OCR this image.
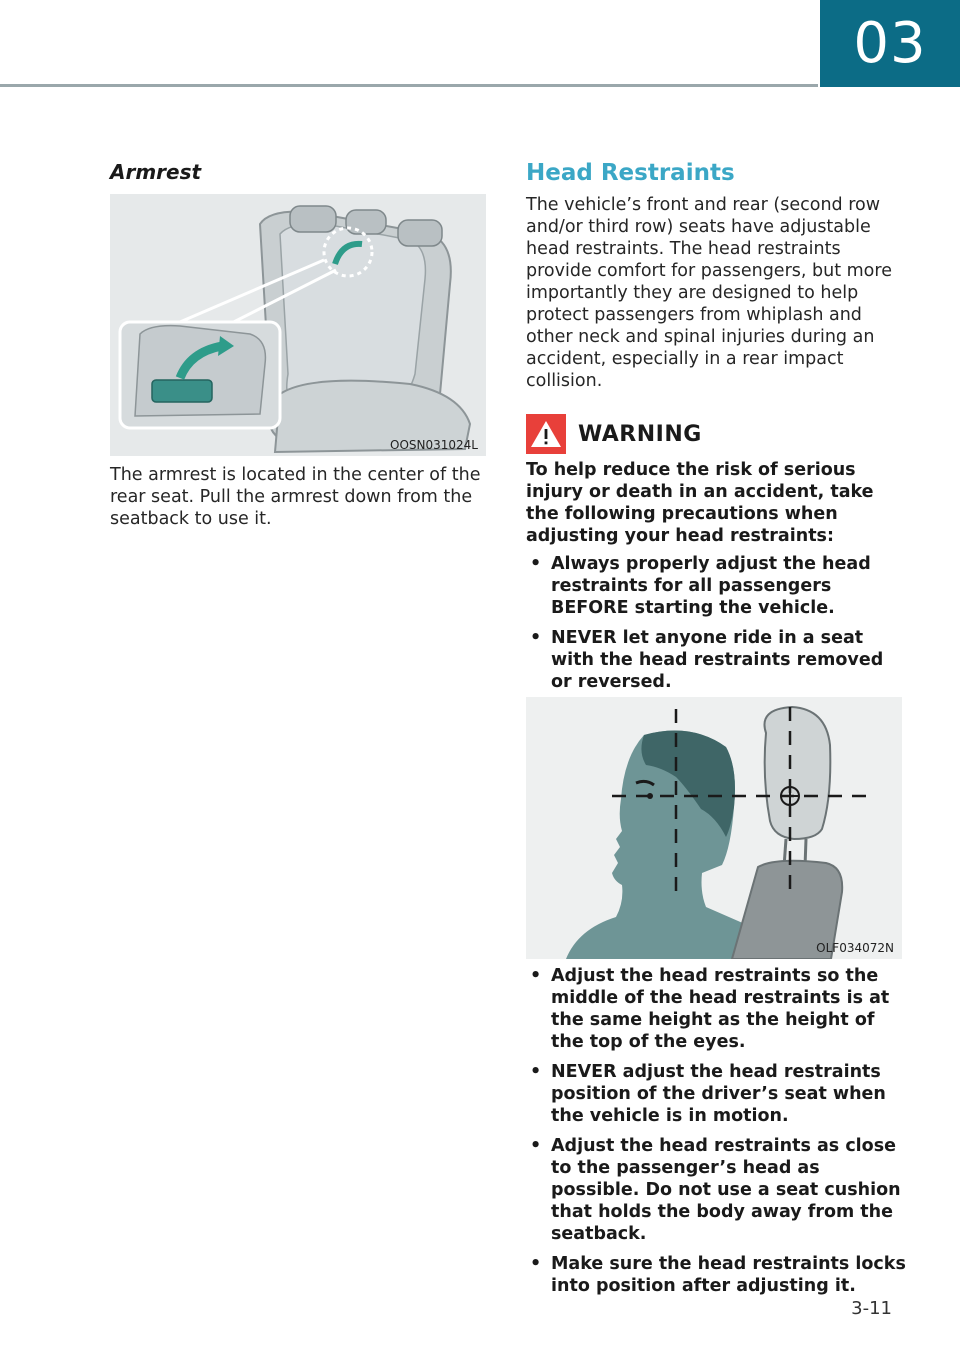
03
Armrest
OOSN031024L
The armrest is located in the center of the rear seat. Pull the armrest down from the seatback to use it.
Head Restraints
The vehicle’s front and rear (second row and/or third row) seats have adjustable head restraints. The head restraints provide comfort for passengers, but more importantly they are designed to help protect passengers from whiplash and other neck and spinal injuries during an accident, especially in a rear impact collision.
WARNING
To help reduce the risk of serious injury or death in an accident, take the following precautions when adjusting your head restraints:
• Always properly adjust the head restraints for all passengers BEFORE starting the vehicle.
• NEVER let anyone ride in a seat with the head restraints removed or reversed.
OLF034072N
• Adjust the head restraints so the middle of the head restraints is at the same height as the height of the top of the eyes.
• NEVER adjust the head restraints position of the driver’s seat when the vehicle is in motion.
• Adjust the head restraints as close to the passenger’s head as possible. Do not use a seat cushion that holds the body away from the seatback.
• Make sure the head restraints locks into position after adjusting it.
3-11
